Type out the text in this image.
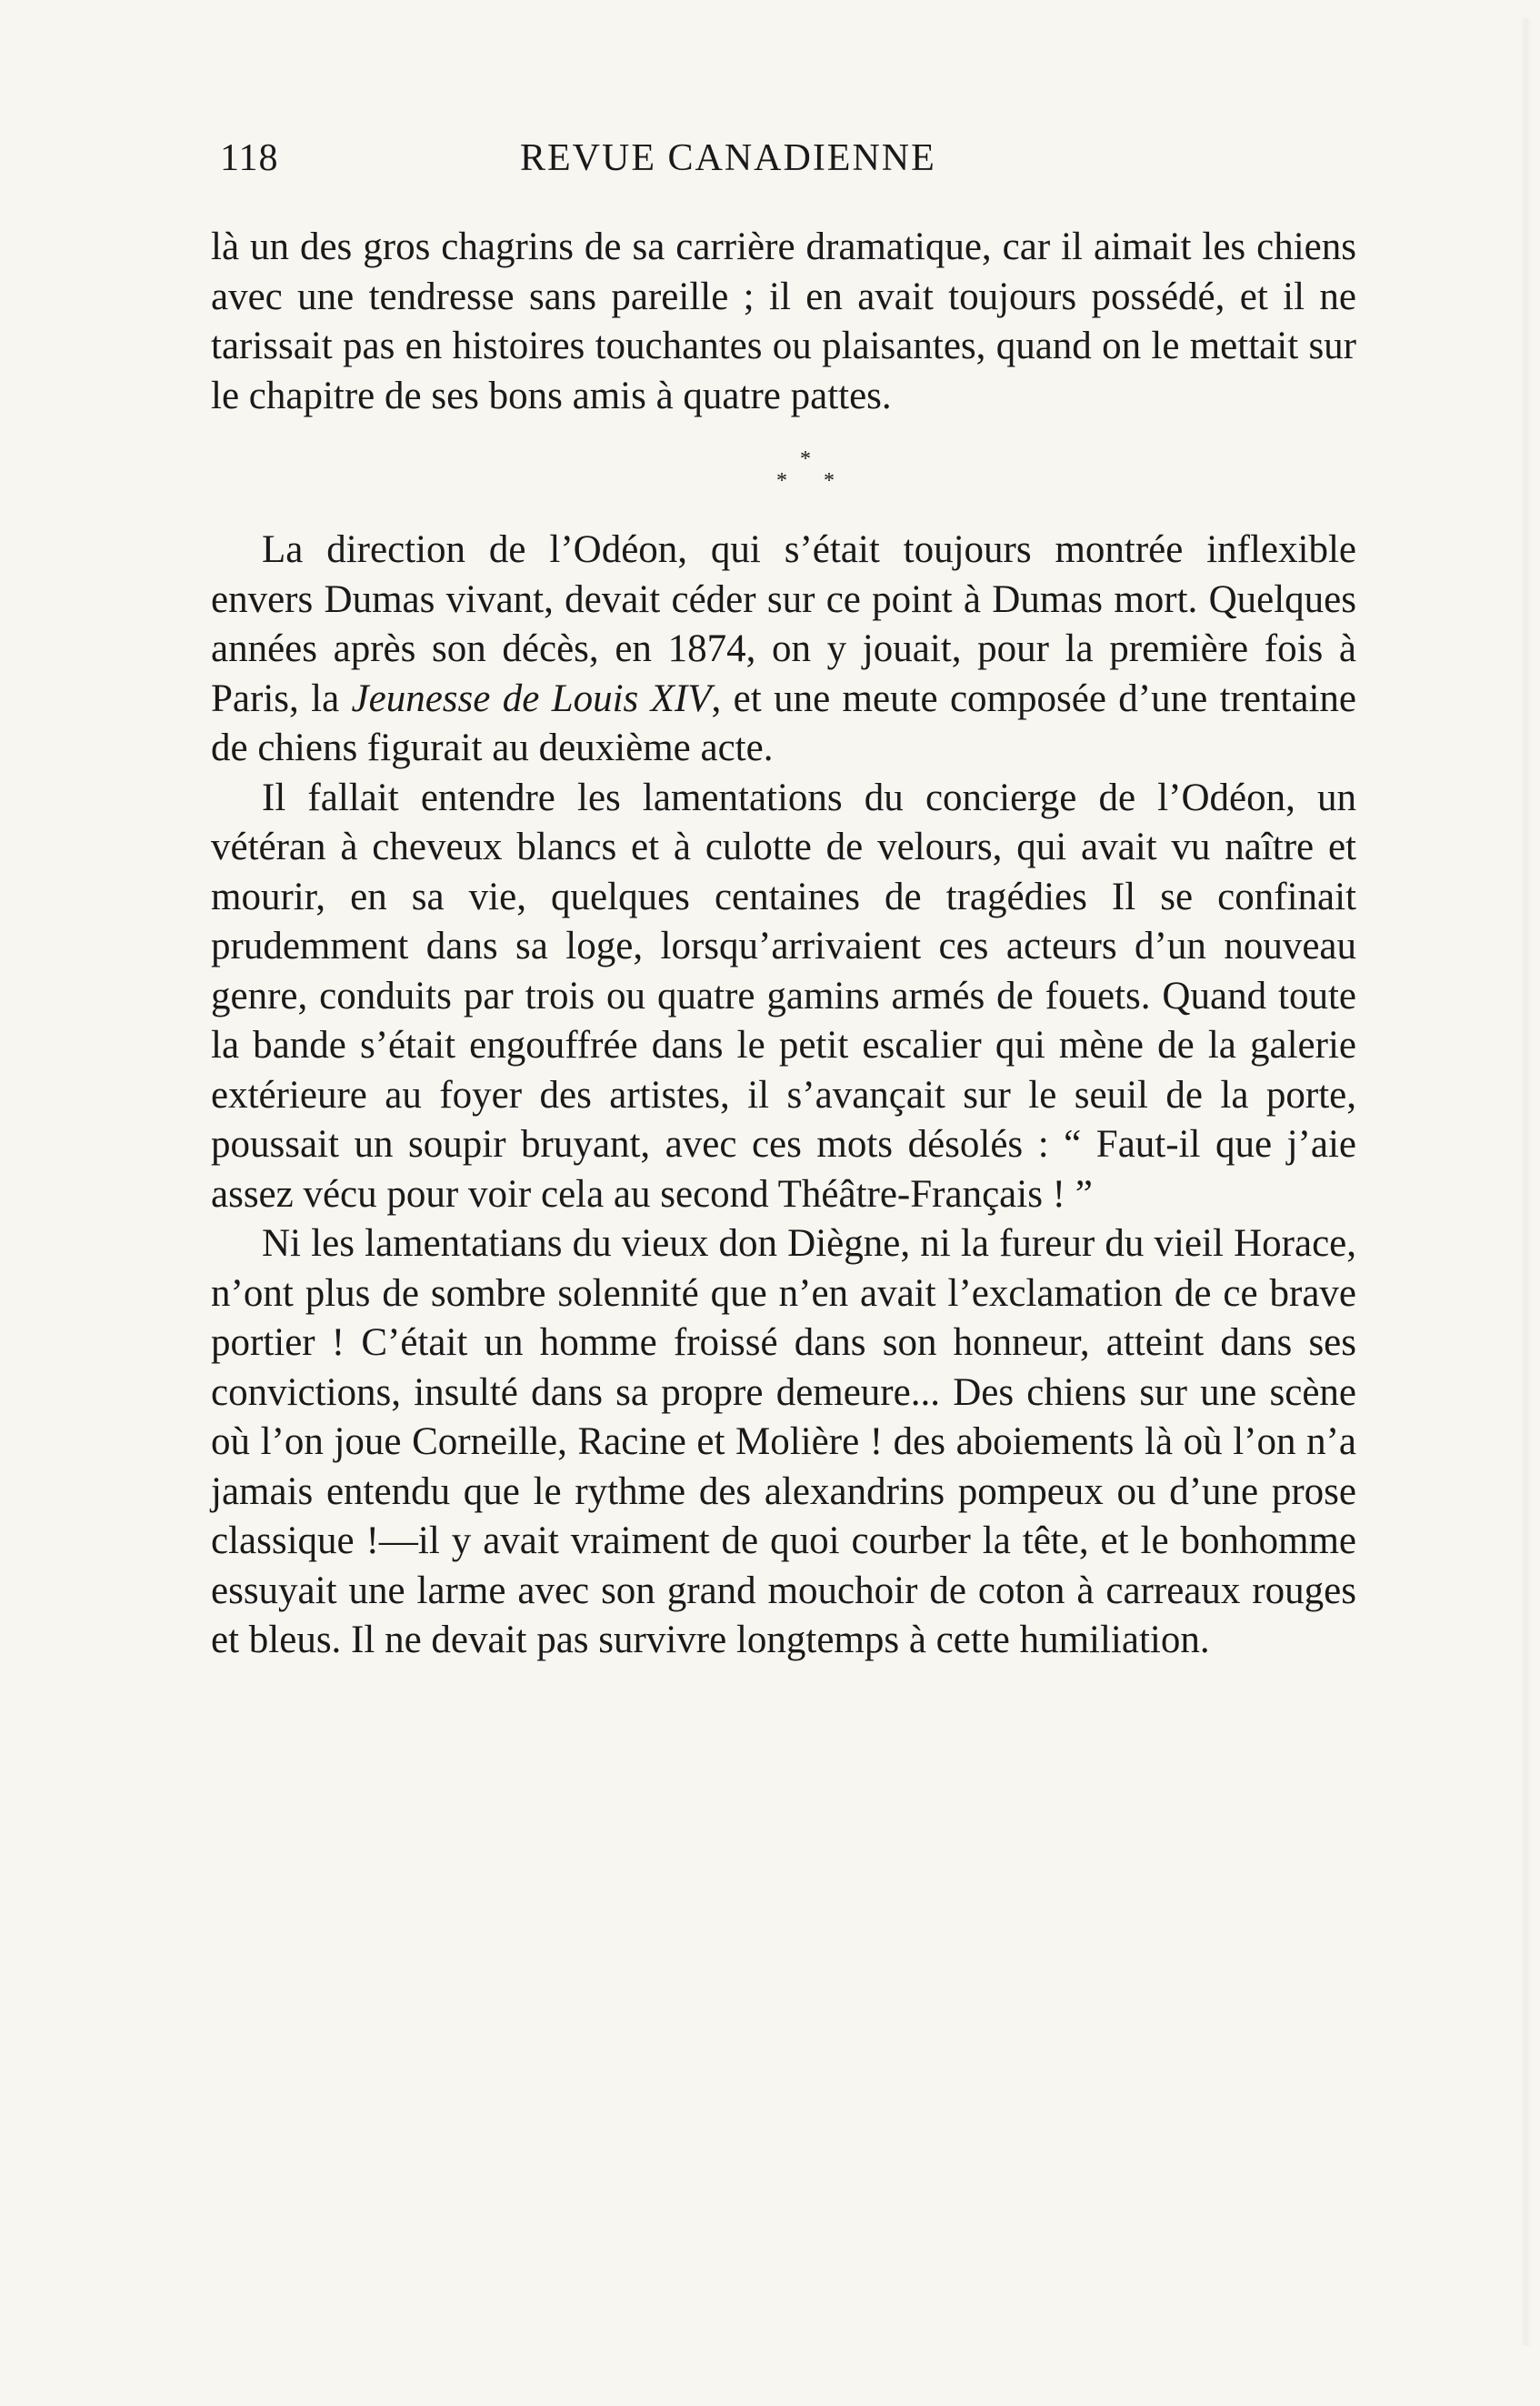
118	REVUE CANADIENNE

là un des gros chagrins de sa carrière dramatique, car il aimait les chiens avec une tendresse sans pareille ; il en avait toujours possédé, et il ne tarissait pas en histoires touchantes ou plaisantes, quand on le mettait sur le chapitre de ses bons amis à quatre pattes.

*
* *

La direction de l’Odéon, qui s’était toujours montrée inflexible envers Dumas vivant, devait céder sur ce point à Dumas mort. Quelques années après son décès, en 1874, on y jouait, pour la première fois à Paris, la Jeunesse de Louis XIV, et une meute composée d’une trentaine de chiens figurait au deuxième acte.

Il fallait entendre les lamentations du concierge de l’Odéon, un vétéran à cheveux blancs et à culotte de velours, qui avait vu naître et mourir, en sa vie, quelques centaines de tragédies Il se confinait prudemment dans sa loge, lorsqu’arrivaient ces acteurs d’un nouveau genre, conduits par trois ou quatre gamins armés de fouets. Quand toute la bande s’était engouffrée dans le petit escalier qui mène de la galerie extérieure au foyer des artistes, il s’avançait sur le seuil de la porte, poussait un soupir bruyant, avec ces mots désolés : “ Faut-il que j’aie assez vécu pour voir cela au second Théâtre-Français ! ”

Ni les lamentatians du vieux don Diègne, ni la fureur du vieil Horace, n’ont plus de sombre solennité que n’en avait l’exclamation de ce brave portier ! C’était un homme froissé dans son honneur, atteint dans ses convictions, insulté dans sa propre demeure... Des chiens sur une scène où l’on joue Corneille, Racine et Molière ! des aboiements là où l’on n’a jamais entendu que le rythme des alexandrins pompeux ou d’une prose classique !—il y avait vraiment de quoi courber la tête, et le bonhomme essuyait une larme avec son grand mouchoir de coton à carreaux rouges et bleus. Il ne devait pas survivre longtemps à cette humiliation.
